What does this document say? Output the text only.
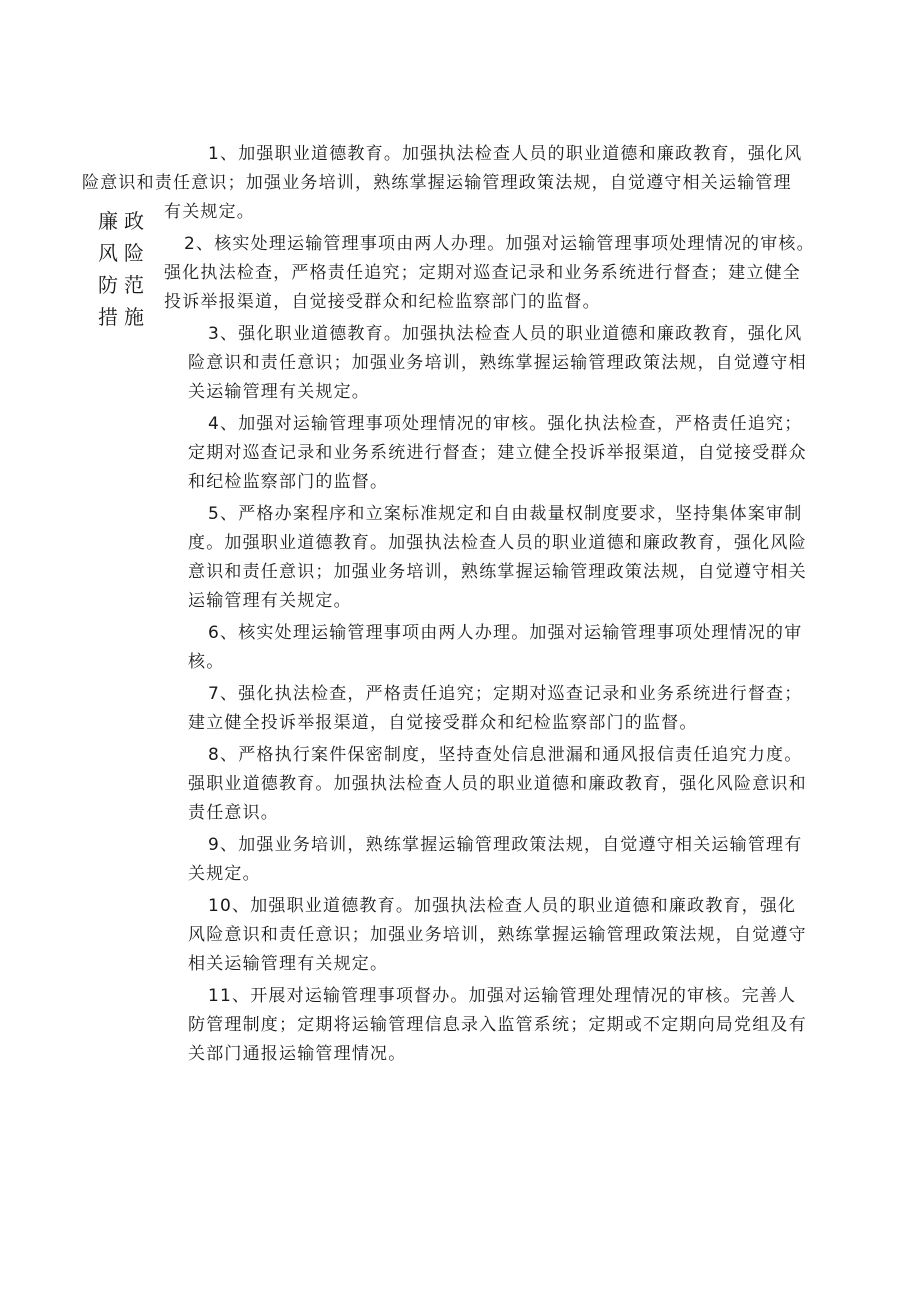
廉政
风险
防范
措施
1、加强职业道德教育。加强执法检查人员的职业道德和廉政教育，强化风
险意识和责任意识；加强业务培训，熟练掌握运输管理政策法规，自觉遵守相关运输管理
有关规定。
2、核实处理运输管理事项由两人办理。加强对运输管理事项处理情况的审核。
强化执法检查，严格责任追究；定期对巡查记录和业务系统进行督查；建立健全
投诉举报渠道，自觉接受群众和纪检监察部门的监督。
3、强化职业道德教育。加强执法检查人员的职业道德和廉政教育，强化风
险意识和责任意识；加强业务培训，熟练掌握运输管理政策法规，自觉遵守相
关运输管理有关规定。
4、加强对运输管理事项处理情况的审核。强化执法检查，严格责任追究；
定期对巡查记录和业务系统进行督查；建立健全投诉举报渠道，自觉接受群众
和纪检监察部门的监督。
5、严格办案程序和立案标准规定和自由裁量权制度要求，坚持集体案审制
度。加强职业道德教育。加强执法检查人员的职业道德和廉政教育，强化风险
意识和责任意识；加强业务培训，熟练掌握运输管理政策法规，自觉遵守相关
运输管理有关规定。
6、核实处理运输管理事项由两人办理。加强对运输管理事项处理情况的审
核。
7、强化执法检查，严格责任追究；定期对巡查记录和业务系统进行督查；
建立健全投诉举报渠道，自觉接受群众和纪检监察部门的监督。
8、严格执行案件保密制度，坚持查处信息泄漏和通风报信责任追究力度。
强职业道德教育。加强执法检查人员的职业道德和廉政教育，强化风险意识和
责任意识。
9、加强业务培训，熟练掌握运输管理政策法规，自觉遵守相关运输管理有
关规定。
10、加强职业道德教育。加强执法检查人员的职业道德和廉政教育，强化
风险意识和责任意识；加强业务培训，熟练掌握运输管理政策法规，自觉遵守
相关运输管理有关规定。
11、开展对运输管理事项督办。加强对运输管理处理情况的审核。完善人
防管理制度；定期将运输管理信息录入监管系统；定期或不定期向局党组及有
关部门通报运输管理情况。
